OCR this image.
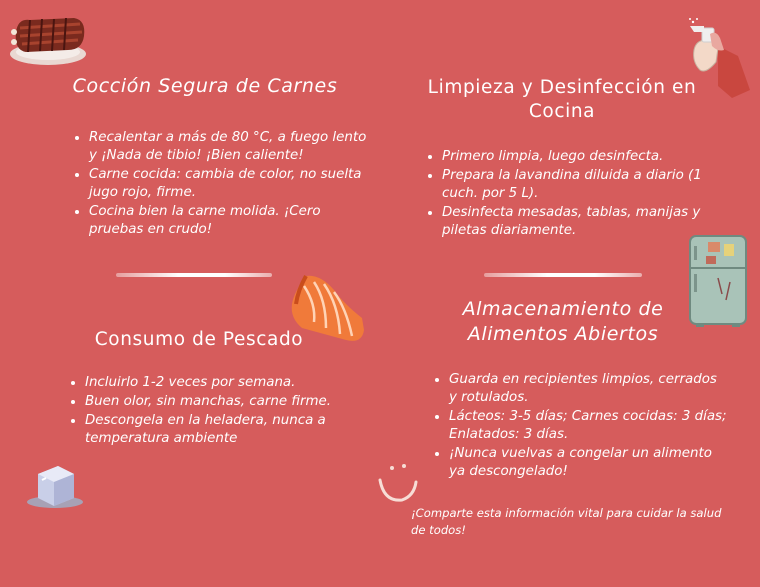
Cocción Segura de Carnes
• Recalentar a más de 80 °C, a fuego lento y ¡Nada de tibio! ¡Bien caliente!
• Carne cocida: cambia de color, no suelta jugo rojo, firme.
• Cocina bien la carne molida. ¡Cero pruebas en crudo!
Limpieza y Desinfección en Cocina
• Primero limpia, luego desinfecta.
• Prepara la lavandina diluida a diario (1 cuch. por 5 L).
• Desinfecta mesadas, tablas, manijas y piletas diariamente.
Consumo de Pescado
• Incluirlo 1-2 veces por semana.
• Buen olor, sin manchas, carne firme.
• Descongela en la heladera, nunca a temperatura ambiente
Almacenamiento de Alimentos Abiertos
• Guarda en recipientes limpios, cerrados y rotulados.
• Lácteos: 3-5 días; Carnes cocidas: 3 días; Enlatados: 3 días.
• ¡Nunca vuelvas a congelar un alimento ya descongelado!

¡Comparte esta información vital para cuidar la salud de todos!
